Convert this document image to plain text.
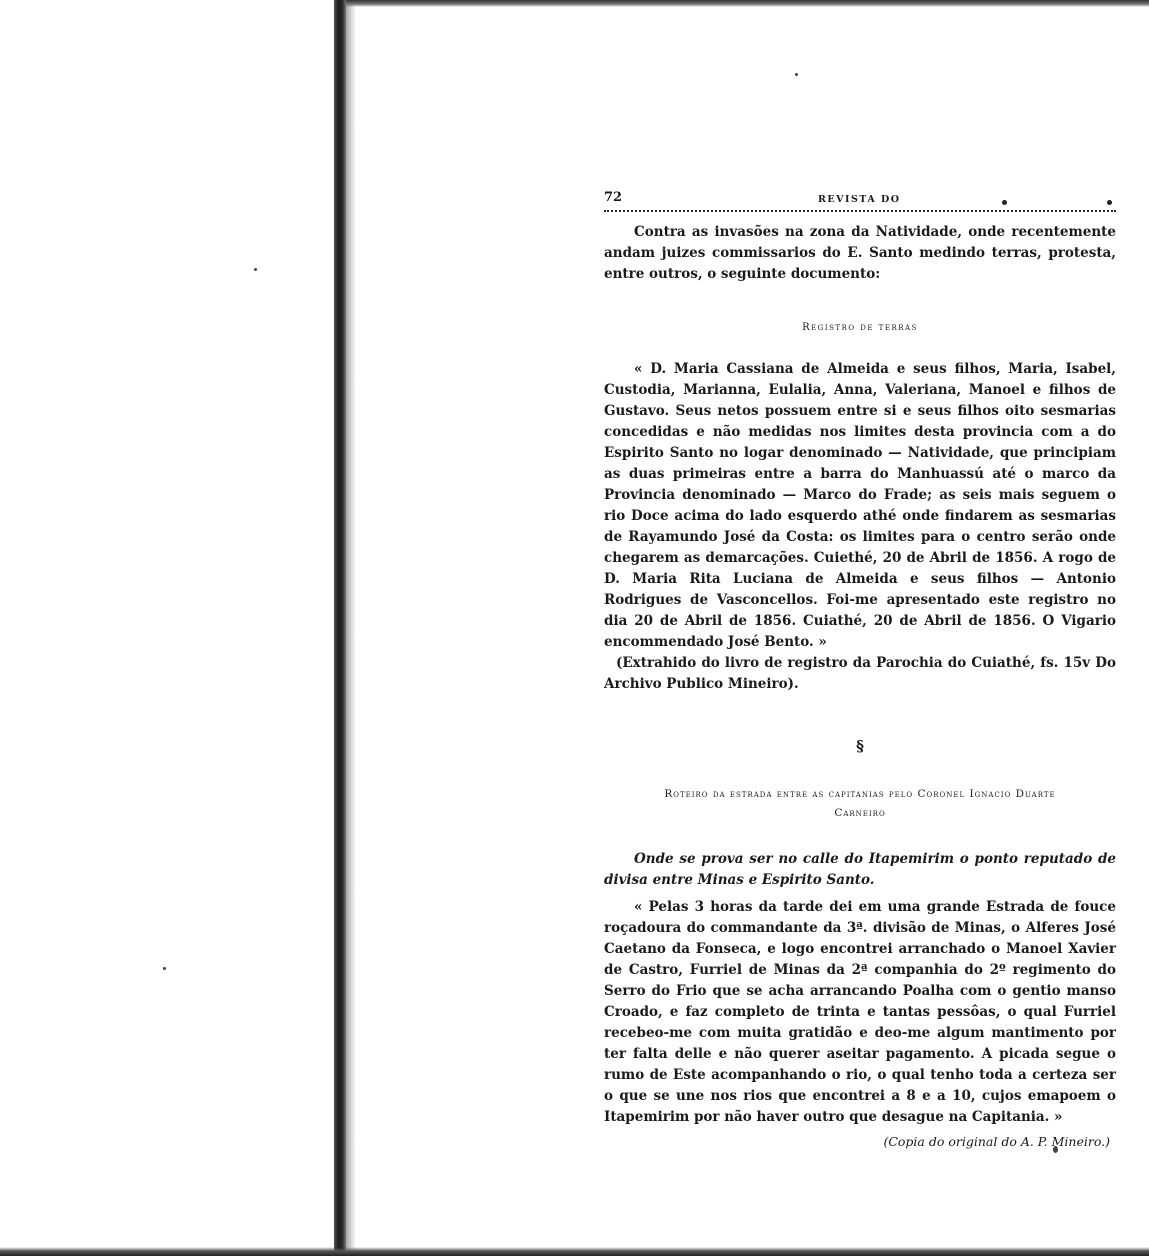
72	REVISTA DO

Contra as invasões na zona da Natividade, onde recentemente andam juizes commissarios do E. Santo medindo terras, protesta, entre outros, o seguinte documento:

Registro de terras

« D. Maria Cassiana de Almeida e seus filhos, Maria, Isabel, Custodia, Marianna, Eulalia, Anna, Valeriana, Manoel e filhos de Gustavo. Seus netos possuem entre si e seus filhos oito sesmarias concedidas e não medidas nos limites desta provincia com a do Espirito Santo no logar denominado — Natividade, que principiam as duas primeiras entre a barra do Manhuassú até o marco da Provincia denominado — Marco do Frade; as seis mais seguem o rio Doce acima do lado esquerdo athé onde findarem as sesmarias de Rayamundo José da Costa: os limites para o centro serão onde chegarem as demarcações. Cuiethé, 20 de Abril de 1856. A rogo de D. Maria Rita Luciana de Almeida e seus filhos — Antonio Rodrigues de Vasconcellos. Foi-me apresentado este registro no dia 20 de Abril de 1856. Cuiathé, 20 de Abril de 1856. O Vigario encommendado José Bento. »

(Extrahido do livro de registro da Parochia do Cuiathé, fs. 15v Do Archivo Publico Mineiro).

§
Roteiro da estrada entre as capitanias pelo Coronel Ignacio Duarte
Carneiro

Onde se prova ser no calle do Itapemirim o ponto reputado de divisa entre Minas e Espirito Santo.

« Pelas 3 horas da tarde dei em uma grande Estrada de fouce roçadoura do commandante da 3ª. divisão de Minas, o Alferes José Caetano da Fonseca, e logo encontrei arranchado o Manoel Xavier de Castro, Furriel de Minas da 2ª companhia do 2º regimento do Serro do Frio que se acha arrancando Poalha com o gentio manso Croado, e faz completo de trinta e tantas pessôas, o qual Furriel recebeo-me com muita gratidão e deo-me algum mantimento por ter falta delle e não querer aseitar pagamento. A picada segue o rumo de Este acompanhando o rio, o qual tenho toda a certeza ser o que se une nos rios que encontrei a 8 e a 10, cujos emapoem o Itapemirim por não haver outro que desague na Capitania. »

(Copia do original do A. P. Mineiro.)
